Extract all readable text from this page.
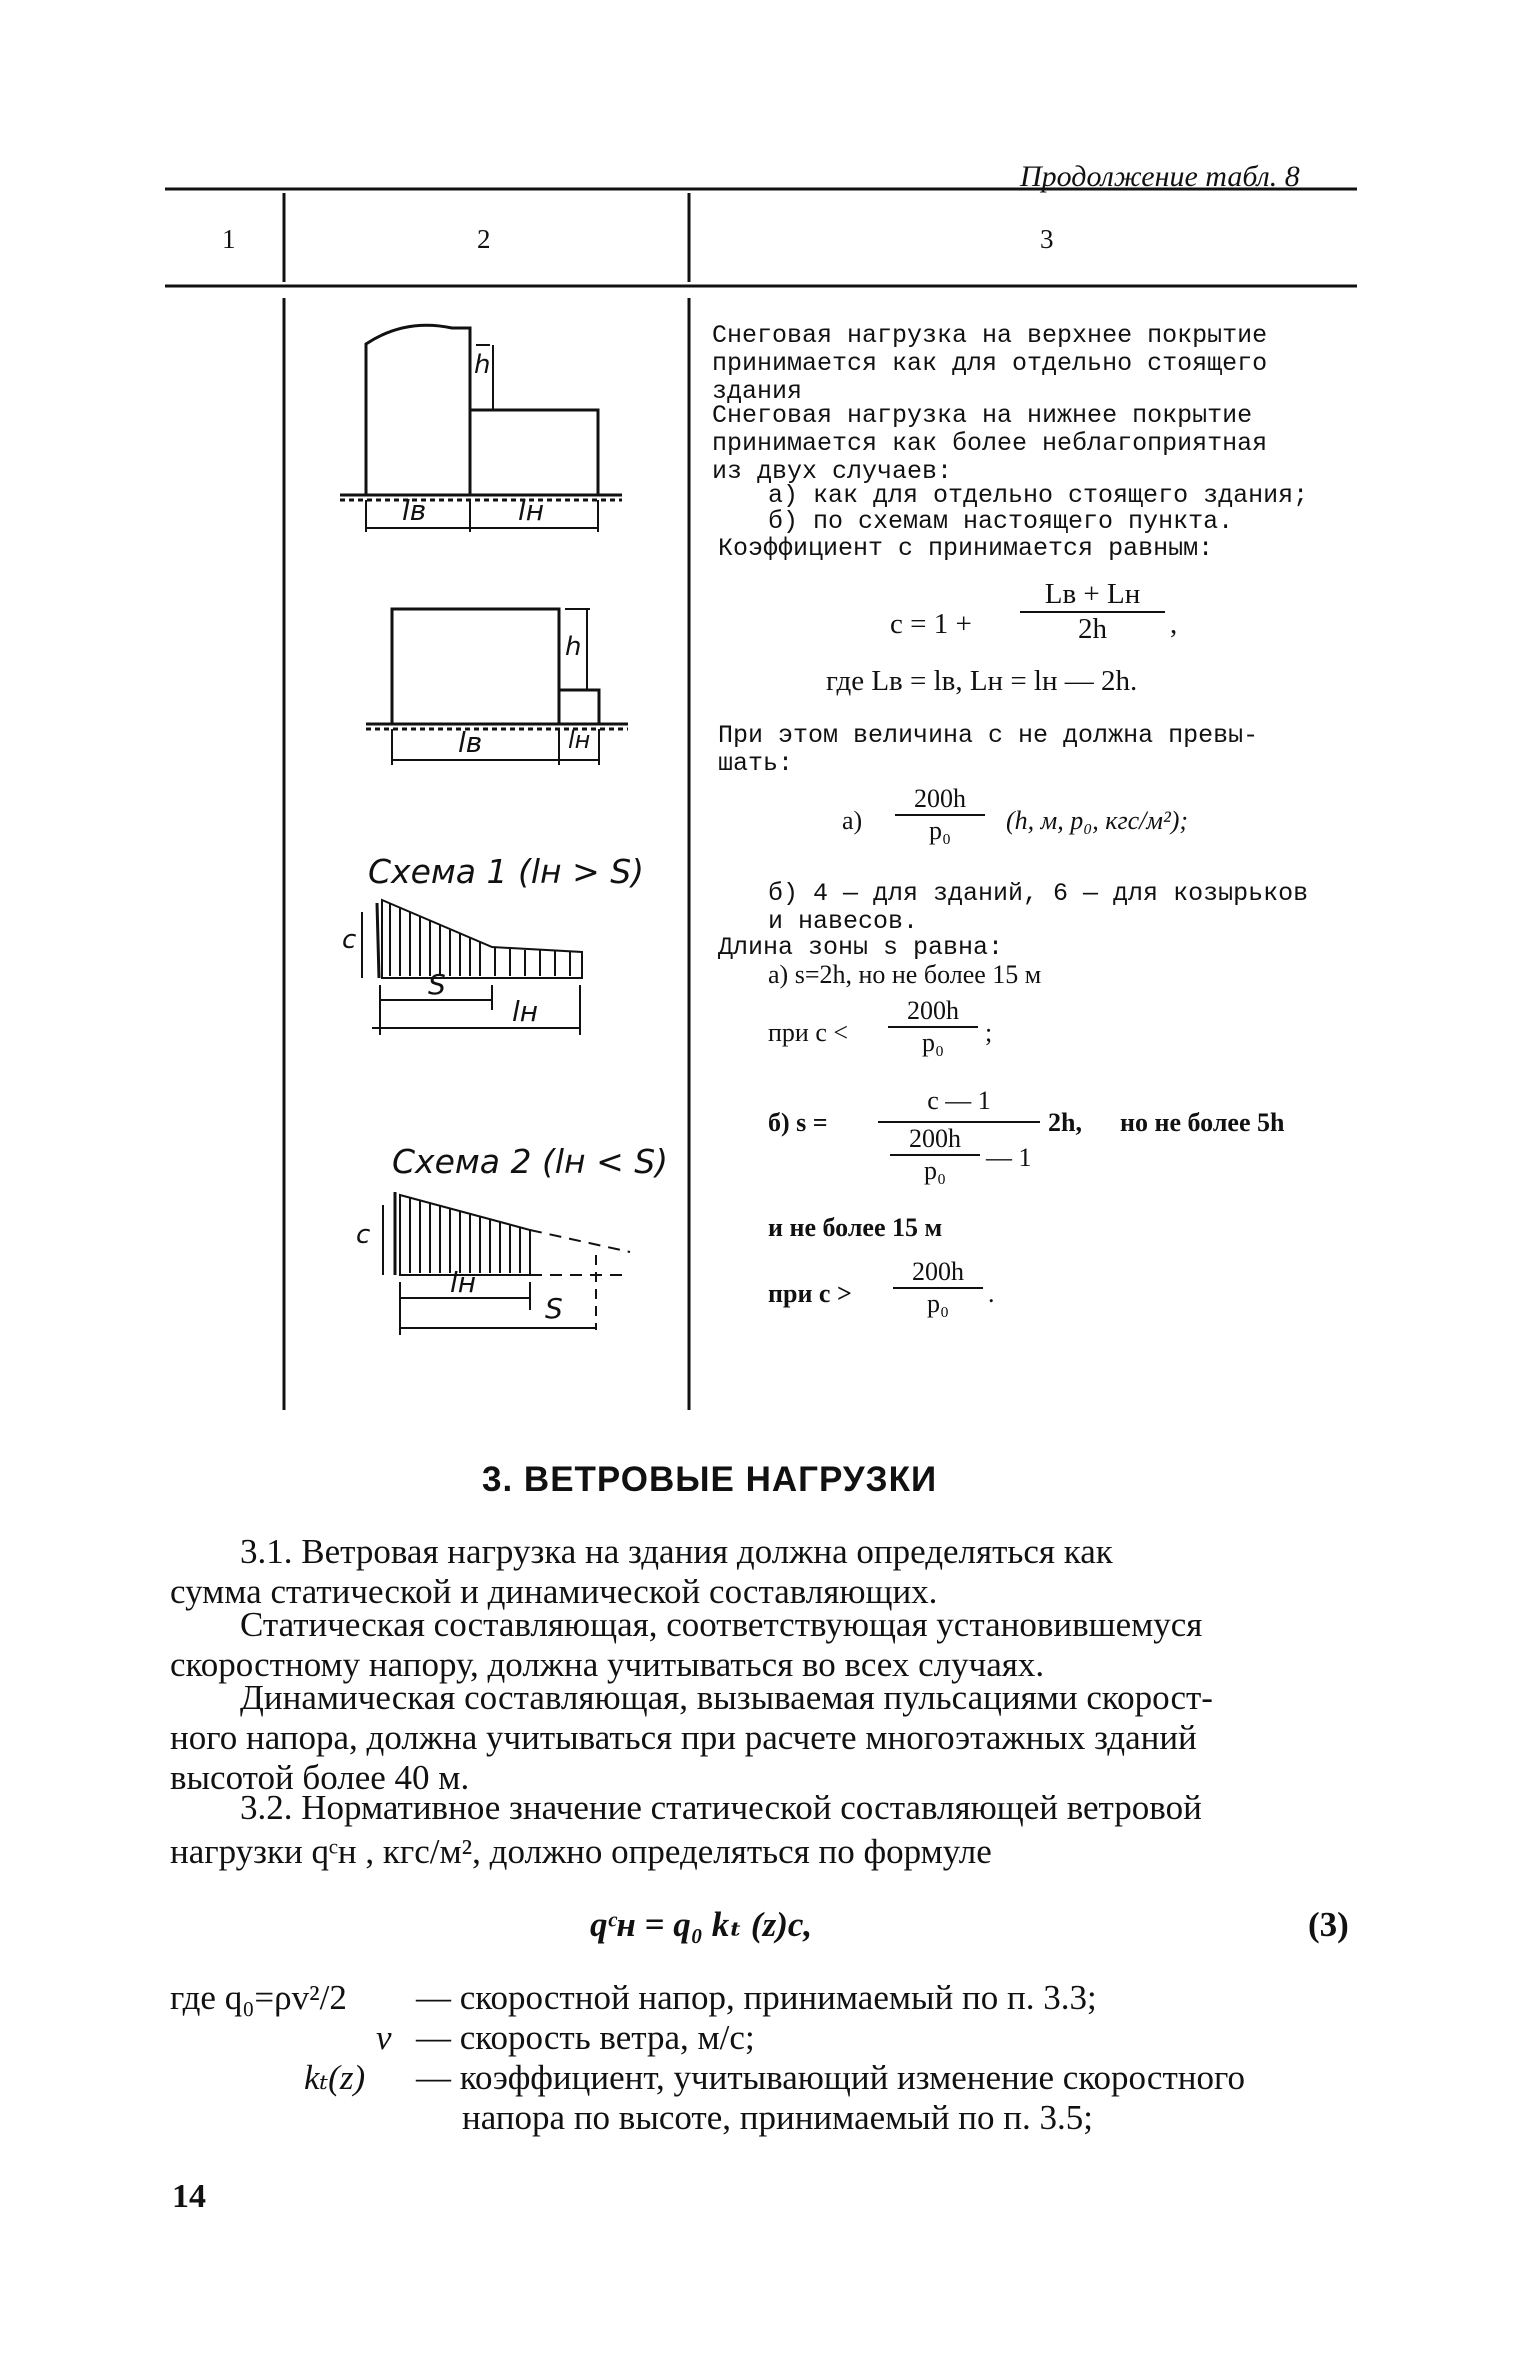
Продолжение табл. 8
1	2	3
h
lв	lн
h
lв	lн
Схема 1 (lн > S)
c
S
lн
Схема 2 (lн < S)
c
lн
S
Снеговая нагрузка на верхнее покрытие
принимается как для отдельно стоящего
здания
Снеговая нагрузка на нижнее покрытие
принимается как более неблагоприятная
из двух случаев:
а) как для отдельно стоящего здания;
б) по схемам настоящего пункта.
Коэффициент c принимается равным:
c = 1 +
Lв + Lн
2h	,
где Lв = lв, Lн = lн — 2h.
При этом величина c не должна превы-
шать:
$а) \frac{200h}{\text{p₀}} (h$, м, p₀, кгс/м²);
б) 4 — для зданий, 6 — для козырьков
и навесов.
Длина зоны s равна:
а) s=2h, но не более 15 м
при $c < \frac{200h}{\text{p₀}}$ ;
б) s =
c — 1
$\frac{200h}{\text{p₀}}$ — 1
2h, но не более 5h
и не более 15 м
при $c > \frac{200h}{\text{p₀}}$ .
3. ВЕТРОВЫЕ НАГРУЗКИ
3.1. Ветровая нагрузка на здания должна определяться как
сумма статической и динамической составляющих.
Статическая составляющая, соответствующая установившемуся
скоростному напору, должна учитываться во всех случаях.
Динамическая составляющая, вызываемая пульсациями скорост-
ного напора, должна учитываться при расчете многоэтажных зданий
высотой более 40 м.
3.2. Нормативное значение статической составляющей ветровой
нагрузки qᶜн , кгс/м², должно определяться по формуле
qᶜн = q₀ kₜ (z)c,	(3)
где q₀=ρv²/2 — скоростной напор, принимаемый по п. 3.3;
v — скорость ветра, м/с;
kₜ(z) — коэффициент, учитывающий изменение скоростного
напора по высоте, принимаемый по п. 3.5;
14
